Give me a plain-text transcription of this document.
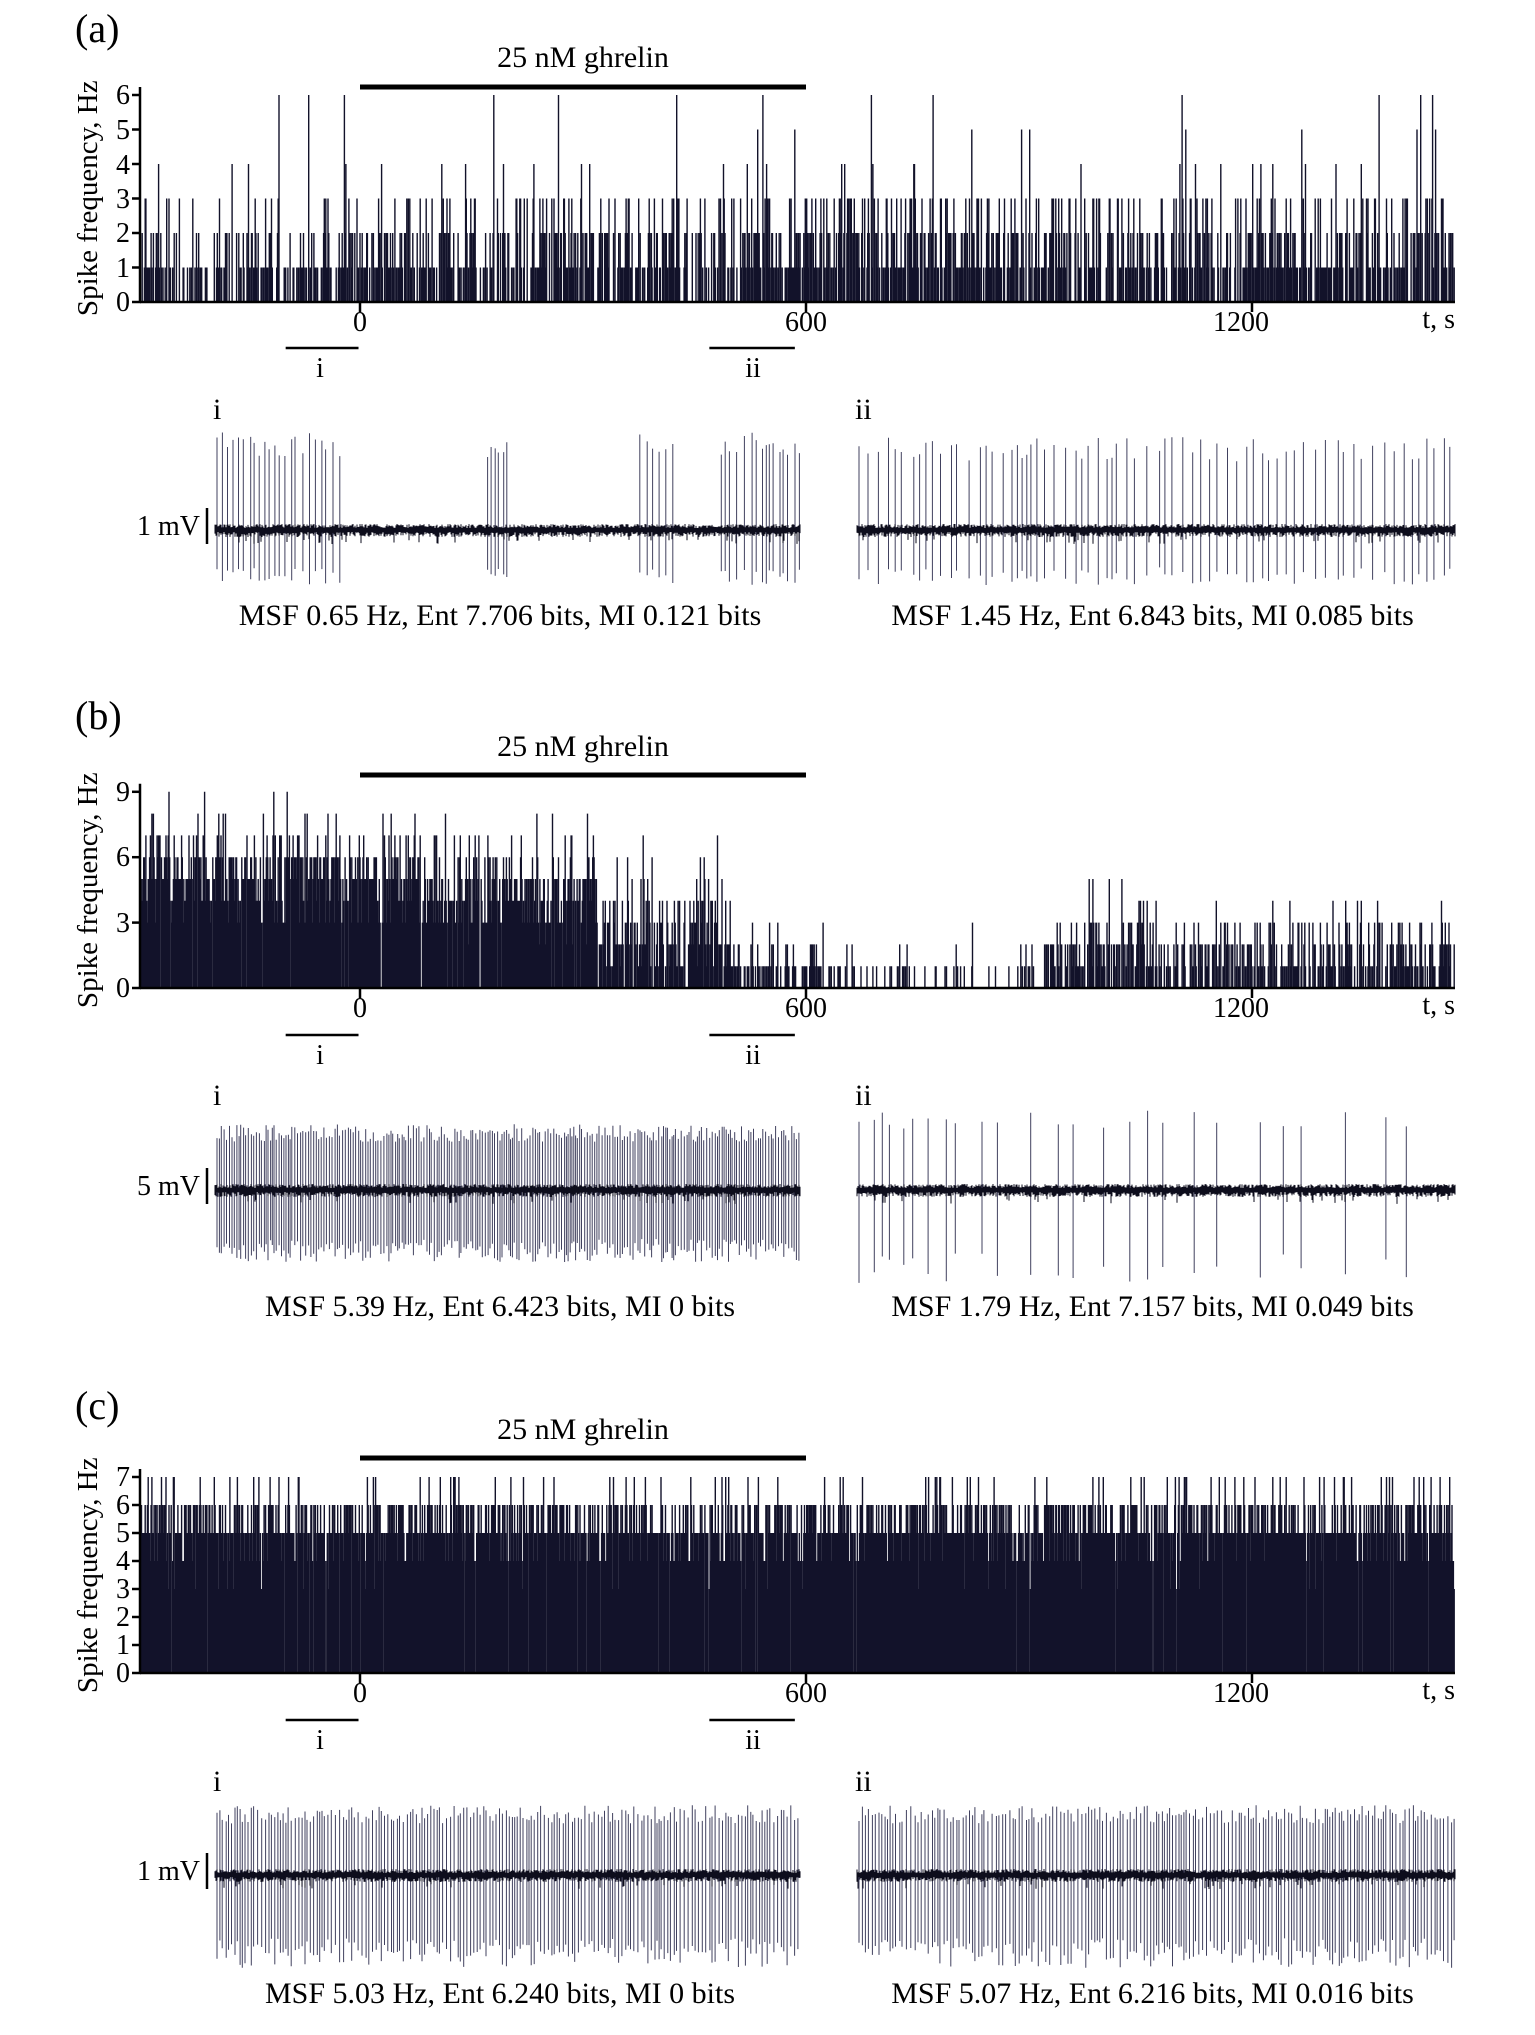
(a)
25 nM ghrelin
Spike frequency, Hz 0
1
2
3
4
5
6
0	600	1200	t, s
i	ii
i	ii
1 mV
MSF 0.65 Hz, Ent 7.706 bits, MI 0.121 bits	MSF 1.45 Hz, Ent 6.843 bits, MI 0.085 bits
(b)
25 nM ghrelin
Spike frequency, Hz 0
3
6
9
0	600	1200	t, s
i	ii
i	ii
5 mV
MSF 5.39 Hz, Ent 6.423 bits, MI 0 bits	MSF 1.79 Hz, Ent 7.157 bits, MI 0.049 bits
(c)
25 nM ghrelin
Spike frequency, Hz 0
1
2
3
4
5
6
7
0	600	1200	t, s
i	ii
i	ii
1 mV
MSF 5.03 Hz, Ent 6.240 bits, MI 0 bits	MSF 5.07 Hz, Ent 6.216 bits, MI 0.016 bits
